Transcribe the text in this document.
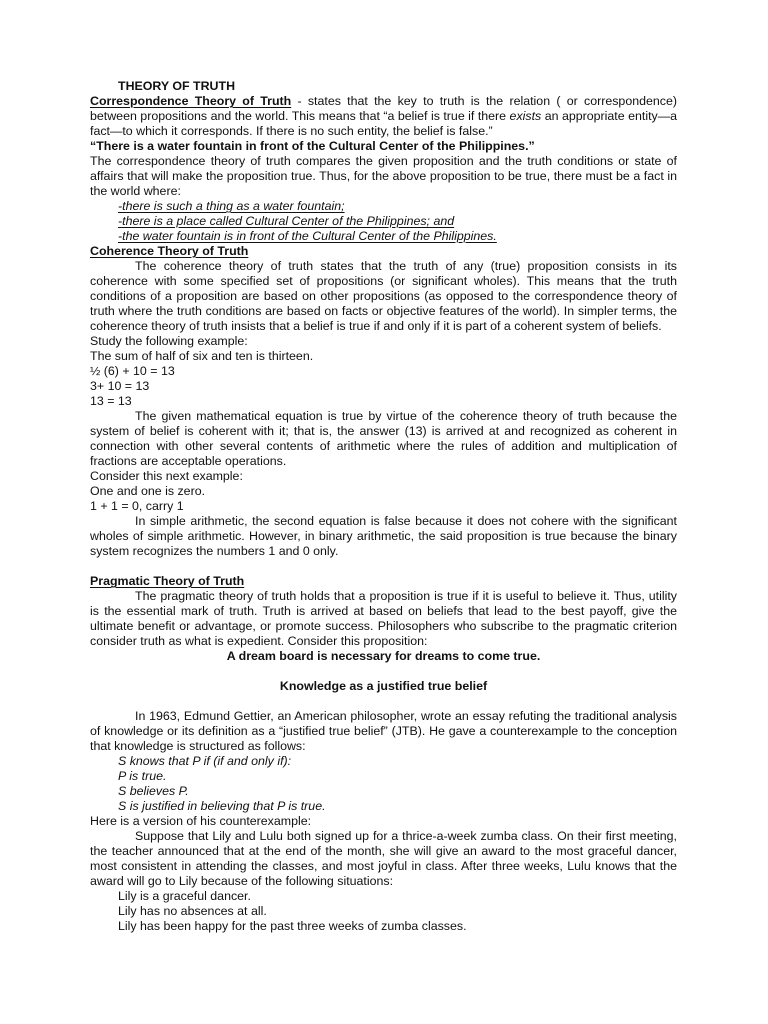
THEORY OF TRUTH

Correspondence Theory of Truth - states that the key to truth is the relation ( or correspondence) between propositions and the world. This means that “a belief is true if there exists an appropriate entity—a fact—to which it corresponds. If there is no such entity, the belief is false.”

“There is a water fountain in front of the Cultural Center of the Philippines.”

The correspondence theory of truth compares the given proposition and the truth conditions or state of affairs that will make the proposition true. Thus, for the above proposition to be true, there must be a fact in the world where:

-there is such a thing as a water fountain;

-there is a place called Cultural Center of the Philippines; and

-the water fountain is in front of the Cultural Center of the Philippines.

Coherence Theory of Truth

The coherence theory of truth states that the truth of any (true) proposition consists in its coherence with some specified set of propositions (or significant wholes). This means that the truth conditions of a proposition are based on other propositions (as opposed to the correspondence theory of truth where the truth conditions are based on facts or objective features of the world). In simpler terms, the coherence theory of truth insists that a belief is true if and only if it is part of a coherent system of beliefs.

Study the following example:

The sum of half of six and ten is thirteen.

½ (6) + 10 = 13

3+ 10 = 13

13 = 13

The given mathematical equation is true by virtue of the coherence theory of truth because the system of belief is coherent with it; that is, the answer (13) is arrived at and recognized as coherent in connection with other several contents of arithmetic where the rules of addition and multiplication of fractions are acceptable operations.

Consider this next example:

One and one is zero.

1 + 1 = 0, carry 1

In simple arithmetic, the second equation is false because it does not cohere with the significant wholes of simple arithmetic. However, in binary arithmetic, the said proposition is true because the binary system recognizes the numbers 1 and 0 only.

Pragmatic Theory of Truth

The pragmatic theory of truth holds that a proposition is true if it is useful to believe it. Thus, utility is the essential mark of truth. Truth is arrived at based on beliefs that lead to the best payoff, give the ultimate benefit or advantage, or promote success. Philosophers who subscribe to the pragmatic criterion consider truth as what is expedient. Consider this proposition:

A dream board is necessary for dreams to come true.

Knowledge as a justified true belief

In 1963, Edmund Gettier, an American philosopher, wrote an essay refuting the traditional analysis of knowledge or its definition as a “justified true belief” (JTB). He gave a counterexample to the conception that knowledge is structured as follows:

S knows that P if (if and only if):

P is true.

S believes P.

S is justified in believing that P is true.

Here is a version of his counterexample:

Suppose that Lily and Lulu both signed up for a thrice-a-week zumba class. On their first meeting, the teacher announced that at the end of the month, she will give an award to the most graceful dancer, most consistent in attending the classes, and most joyful in class. After three weeks, Lulu knows that the award will go to Lily because of the following situations:

Lily is a graceful dancer.

Lily has no absences at all.

Lily has been happy for the past three weeks of zumba classes.
